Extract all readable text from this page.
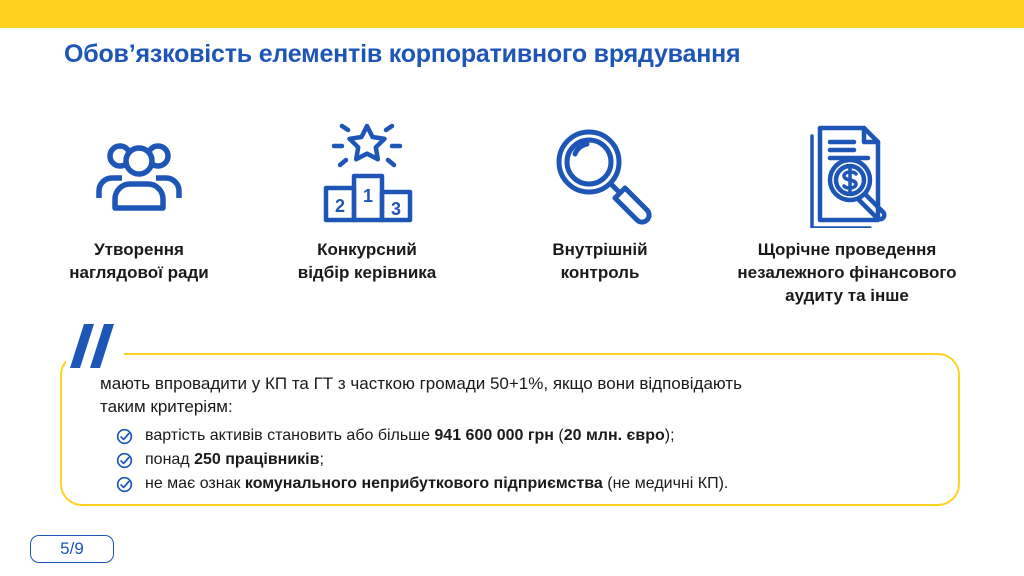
Обов’язковість елементів корпоративного врядування
Утворення
наглядової ради
1
2	3
Конкурсний
відбір керівника
Внутрішній
контроль
Щорічне проведення
незалежного фінансового
аудиту та інше
мають впровадити у КП та ГТ з часткою громади 50+1%, якщо вони відповідають
таким критеріям:
вартість активів становить або більше 941 600 000 грн (20 млн. євро);
понад 250 працівників;
не має ознак комунального неприбуткового підприємства (не медичні КП).
5/9
